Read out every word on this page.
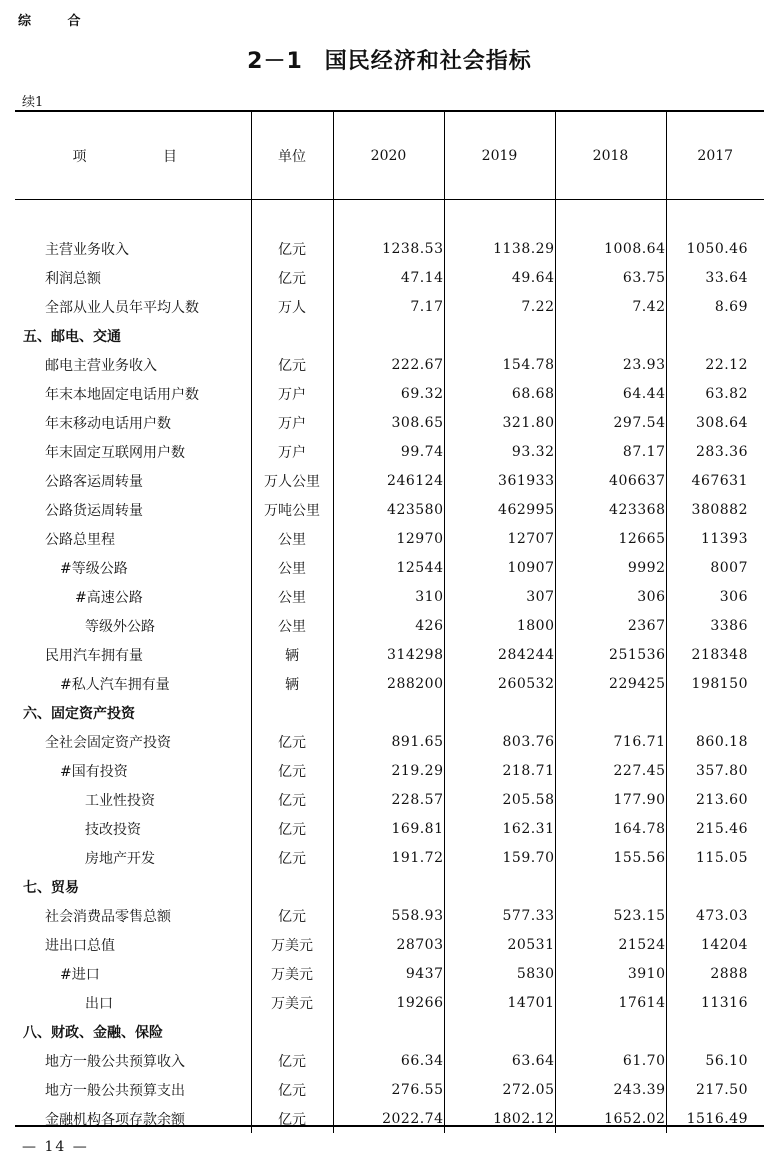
综 合
2－1 国民经济和社会指标
续1
项 目	单位	2020	2019	2018	2017

主营业务收入	亿元	1238.53	1138.29	1008.64	1050.46
利润总额	亿元	47.14	49.64	63.75	33.64
全部从业人员年平均人数	万人	7.17	7.22	7.42	8.69
五、邮电、交通					
邮电主营业务收入	亿元	222.67	154.78	23.93	22.12
年末本地固定电话用户数	万户	69.32	68.68	64.44	63.82
年末移动电话用户数	万户	308.65	321.80	297.54	308.64
年末固定互联网用户数	万户	99.74	93.32	87.17	283.36
公路客运周转量	万人公里	246124	361933	406637	467631
公路货运周转量	万吨公里	423580	462995	423368	380882
公路总里程	公里	12970	12707	12665	11393
#等级公路	公里	12544	10907	9992	8007
#高速公路	公里	310	307	306	306
等级外公路	公里	426	1800	2367	3386
民用汽车拥有量	辆	314298	284244	251536	218348
#私人汽车拥有量	辆	288200	260532	229425	198150
六、固定资产投资					
全社会固定资产投资	亿元	891.65	803.76	716.71	860.18
#国有投资	亿元	219.29	218.71	227.45	357.80
工业性投资	亿元	228.57	205.58	177.90	213.60
技改投资	亿元	169.81	162.31	164.78	215.46
房地产开发	亿元	191.72	159.70	155.56	115.05
七、贸易					
社会消费品零售总额	亿元	558.93	577.33	523.15	473.03
进出口总值	万美元	28703	20531	21524	14204
#进口	万美元	9437	5830	3910	2888
出口	万美元	19266	14701	17614	11316
八、财政、金融、保险					
地方一般公共预算收入	亿元	66.34	63.64	61.70	56.10
地方一般公共预算支出	亿元	276.55	272.05	243.39	217.50
金融机构各项存款余额	亿元	2022.74	1802.12	1652.02	1516.49
— 14 —
